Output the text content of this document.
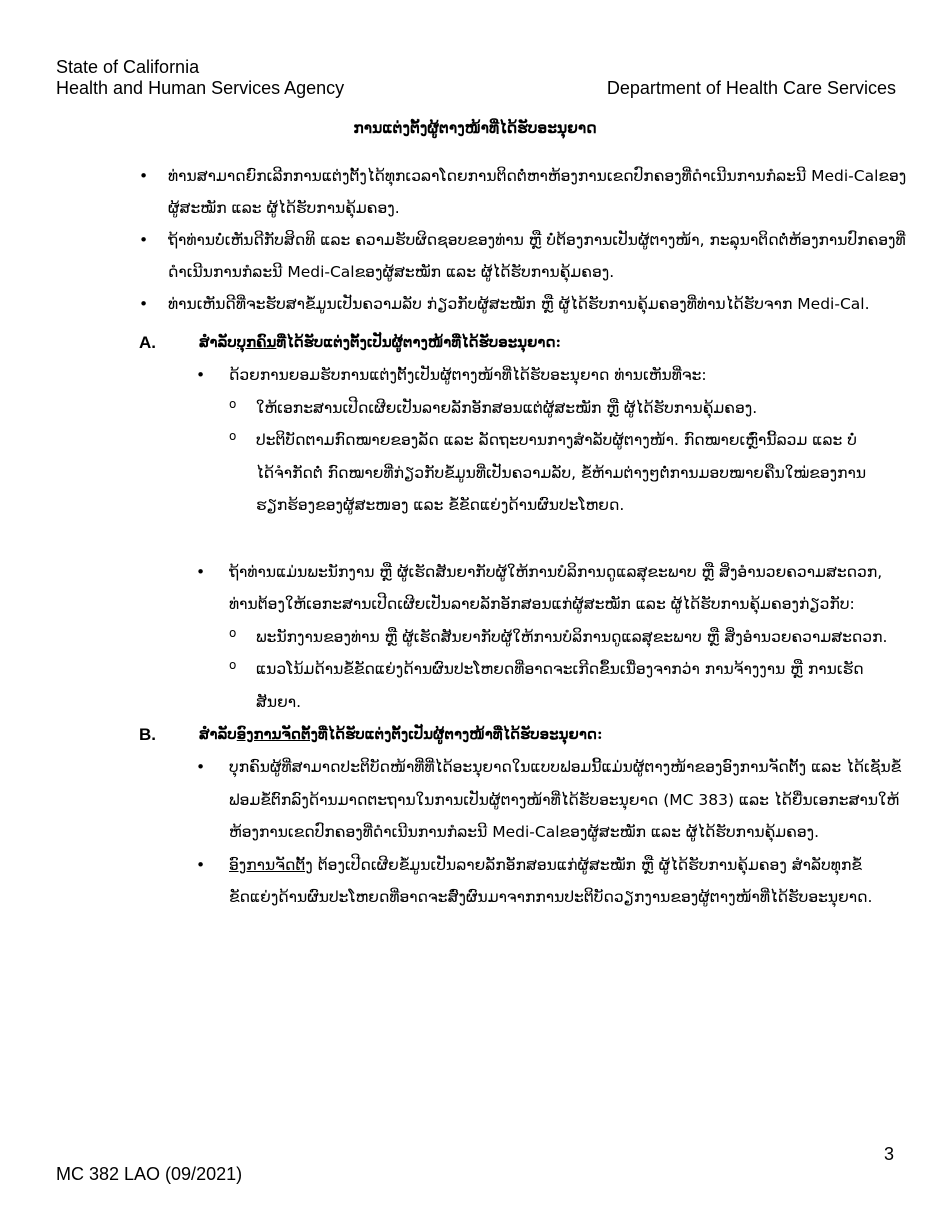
State of California
Health and Human Services Agency	Department of Health Care Services
ການແຕ່ງຕັ້ງຜູ້ຕາງໜ້າທີ່ໄດ້ຮັບອະນຸຍາດ

• ທ່ານສາມາດຍົກເລີກການແຕ່ງຕັ້ງໄດ້ທຸກເວລາໂດຍການຕິດຕໍ່ຫາຫ້ອງການເຂດປົກຄອງທີ່ດຳເນີນການກໍລະນີ Medi-Calຂອງຜູ້ສະໝັກ ແລະ ຜູ້ໄດ້ຮັບການຄຸ້ມຄອງ.

• ຖ້າທ່ານບໍ່ເຫັນດີກັບສິດທິ ແລະ ຄວາມຮັບຜິດຊອບຂອງທ່ານ ຫຼື ບໍ່ຕ້ອງການເປັນຜູ້ຕາງໜ້າ, ກະລຸນາຕິດຕໍ່ຫ້ອງການປົກຄອງທີ່ດຳເນີນການກໍລະນີ Medi-Calຂອງຜູ້ສະໝັກ ແລະ ຜູ້ໄດ້ຮັບການຄຸ້ມຄອງ.

• ທ່ານເຫັນດີທີ່ຈະຮັບສາຂໍ້ມູນເປັນຄວາມລັບ ກ່ຽວກັບຜູ້ສະໝັກ ຫຼື ຜູ້ໄດ້ຮັບການຄຸ້ມຄອງທີ່ທ່ານໄດ້ຮັບຈາກ Medi-Cal.

A.	ສຳລັບບຸກຄົນທີ່ໄດ້ຮັບແຕ່ງຕັ້ງເປັນຜູ້ຕາງໜ້າທີ່ໄດ້ຮັບອະນຸຍາດ:

• ດ້ວຍການຍອມຮັບການແຕ່ງຕັ້ງເປັນຜູ້ຕາງໜ້າທີ່ໄດ້ຮັບອະນຸຍາດ ທ່ານເຫັນທີ່ຈະ:

o ໃຫ້ເອກະສານເປີດເຜີຍເປັນລາຍລັກອັກສອນແຕ່ຜູ້ສະໝັກ ຫຼື ຜູ້ໄດ້ຮັບການຄຸ້ມຄອງ.

o ປະຕິບັດຕາມກົດໝາຍຂອງລັດ ແລະ ລັດຖະບານກາງສຳລັບຜູ້ຕາງໜ້າ. ກົດໝາຍເຫຼົ່ານີ້ລວມ ແລະ ບໍ່ໄດ້ຈຳກັດຕໍ່ ກົດໝາຍທີ່ກ່ຽວກັບຂໍ້ມູນທີ່ເປັນຄວາມລັບ, ຂໍ້ຫ້າມຕ່າງໆຕໍ່ການມອບໝາຍຄືນໃໝ່ຂອງການຮຽກຮ້ອງຂອງຜູ້ສະໜອງ ແລະ ຂໍ້ຂັດແຍ່ງດ້ານຜົນປະໂຫຍດ.

• ຖ້າທ່ານແມ່ນພະນັກງານ ຫຼື ຜູ້ເຮັດສັນຍາກັບຜູ້ໃຫ້ການບໍລິການດູແລສຸຂະພາບ ຫຼື ສິ່ງອຳນວຍຄວາມສະດວກ, ທ່ານຕ້ອງໃຫ້ເອກະສານເປີດເຜີຍເປັນລາຍລັກອັກສອນແກ່ຜູ້ສະໝັກ ແລະ ຜູ້ໄດ້ຮັບການຄຸ້ມຄອງກ່ຽວກັບ:

o ພະນັກງານຂອງທ່ານ ຫຼື ຜູ້ເຮັດສັນຍາກັບຜູ້ໃຫ້ການບໍລິການດູແລສຸຂະພາບ ຫຼື ສິ່ງອຳນວຍຄວາມສະດວກ.

o ແນວໂນ້ມດ້ານຂໍ້ຂັດແຍ່ງດ້ານຜົນປະໂຫຍດທີ່ອາດຈະເກີດຂຶ້ນເນື່ອງຈາກວ່າ ການຈ້າງງານ ຫຼື ການເຮັດສັນຍາ.

B.	ສຳລັບອົງການຈັດຕັ້ງທີ່ໄດ້ຮັບແຕ່ງຕັ້ງເປັນຜູ້ຕາງໜ້າທີ່ໄດ້ຮັບອະນຸຍາດ:

• ບຸກຄົນຜູ້ທີ່ສາມາດປະຕິບັດໜ້າທີ່ທີ່ໄດ້ອະນຸຍາດໃນແບບຟອມນີ້ແມ່ນຜູ້ຕາງໜ້າຂອງອົງການຈັດຕັ້ງ ແລະ ໄດ້ເຊັນຂໍ້ ຟອມຂໍ້ຕົກລົງດ້ານມາດຕະຖານໃນການເປັນຜູ້ຕາງໜ້າທີ່ໄດ້ຮັບອະນຸຍາດ (MC 383) ແລະ ໄດ້ຍື່ນເອກະສານໃຫ້ຫ້ອງການເຂດປົກຄອງທີ່ດຳເນີນການກໍລະນີ Medi-Calຂອງຜູ້ສະໝັກ ແລະ ຜູ້ໄດ້ຮັບການຄຸ້ມຄອງ.

• ອົງການຈັດຕັ້ງ ຕ້ອງເປີດເຜີຍຂໍ້ມູນເປັນລາຍລັກອັກສອນແກ່ຜູ້ສະໝັກ ຫຼື ຜູ້ໄດ້ຮັບການຄຸ້ມຄອງ ສຳລັບທຸກຂໍ້ຂັດແຍ່ງດ້ານຜົນປະໂຫຍດທີ່ອາດຈະສົ່ງຜົນມາຈາກການປະຕິບັດວຽກງານຂອງຜູ້ຕາງໜ້າທີ່ໄດ້ຮັບອະນຸຍາດ.

3
MC 382 LAO (09/2021)
